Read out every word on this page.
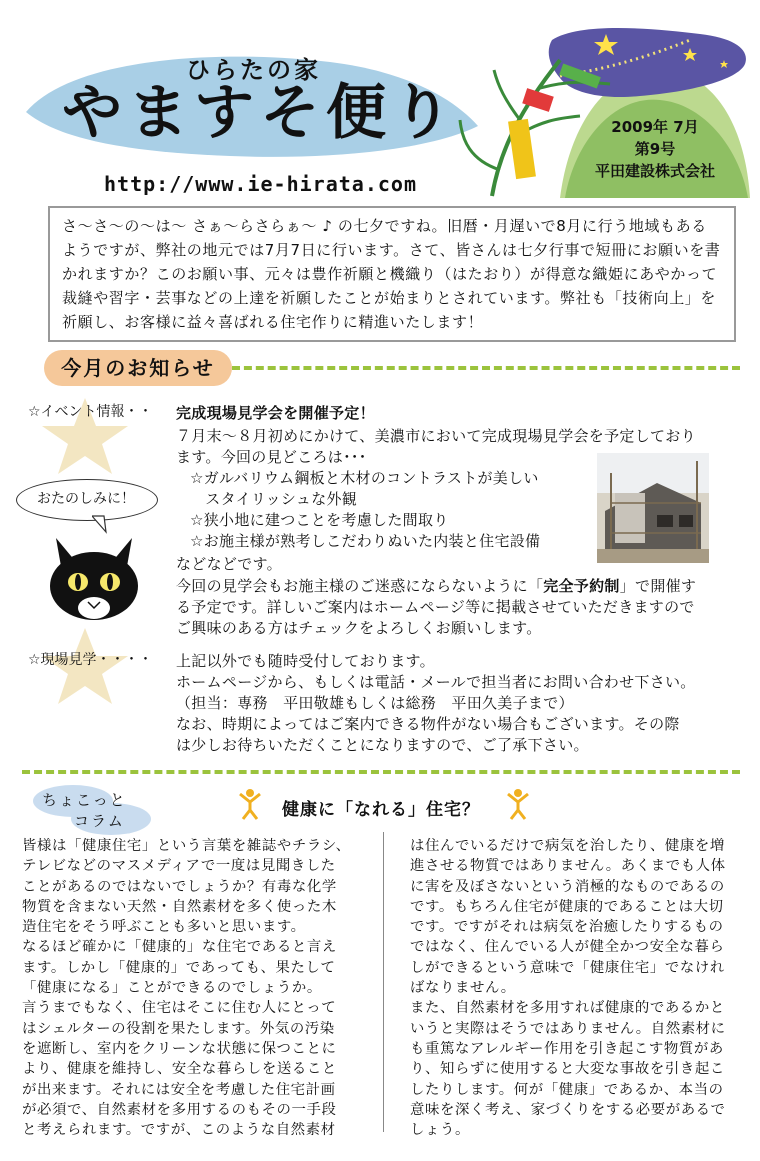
ひらたの家
やますそ便り
http://www.ie-hirata.com
2009年 7月
第9号
平田建設株式会社
さ～さ～の～は～ さぁ～らさらぁ～ ♪ の七夕ですね。旧暦・月遅いで8月に行う地域もある
ようですが、弊社の地元では7月7日に行います。さて、皆さんは七夕行事で短冊にお願いを書
かれますか？このお願い事、元々は豊作祈願と機織り（はたおり）が得意な織姫にあやかって
裁縫や習字・芸事などの上達を祈願したことが始まりとされています。弊社も「技術向上」を
祈願し、お客様に益々喜ばれる住宅作りに精進いたします！
今月のお知らせ
☆イベント情報・・ 完成現場見学会を開催予定！
７月末～８月初めにかけて、美濃市において完成現場見学会を予定しており
ます。今回の見どころは･･･
☆ガルバリウム鋼板と木材のコントラストが美しい
　スタイリッシュな外観
☆狭小地に建つことを考慮した間取り
☆お施主様が熟考しこだわりぬいた内装と住宅設備
などなどです。
今回の見学会もお施主様のご迷惑にならないように「完全予約制」で開催す
る予定です。詳しいご案内はホームページ等に掲載させていただきますので
ご興味のある方はチェックをよろしくお願いします。
おたのしみに！
☆現場見学・・・・ 上記以外でも随時受付しております。
ホームページから、もしくは電話・メールで担当者にお問い合わせ下さい。
（担当：専務　平田敬雄もしくは総務　平田久美子まで）
なお、時期によってはご案内できる物件がない場合もございます。その際
は少しお待ちいただくことになりますので、ご了承下さい。
ちょこっと
コラム
健康に「なれる」住宅？
皆様は「健康住宅」という言葉を雑誌やチラシ、
テレビなどのマスメディアで一度は見聞きした
ことがあるのではないでしょうか？有毒な化学
物質を含まない天然・自然素材を多く使った木
造住宅をそう呼ぶことも多いと思います。
なるほど確かに「健康的」な住宅であると言え
ます。しかし「健康的」であっても、果たして
「健康になる」ことができるのでしょうか。
言うまでもなく、住宅はそこに住む人にとって
はシェルターの役割を果たします。外気の汚染
を遮断し、室内をクリーンな状態に保つことに
より、健康を維持し、安全な暮らしを送ること
が出来ます。それには安全を考慮した住宅計画
が必須で、自然素材を多用するのもその一手段
と考えられます。ですが、このような自然素材
は住んでいるだけで病気を治したり、健康を増
進させる物質ではありません。あくまでも人体
に害を及ぼさないという消極的なものであるの
です。もちろん住宅が健康的であることは大切
です。ですがそれは病気を治癒したりするもの
ではなく、住んでいる人が健全かつ安全な暮ら
しができるという意味で「健康住宅」でなけれ
ばなりません。
また、自然素材を多用すれば健康的であるかと
いうと実際はそうではありません。自然素材に
も重篤なアレルギー作用を引き起こす物質があ
り、知らずに使用すると大変な事故を引き起こ
したりします。何が「健康」であるか、本当の
意味を深く考え、家づくりをする必要があるで
しょう。
